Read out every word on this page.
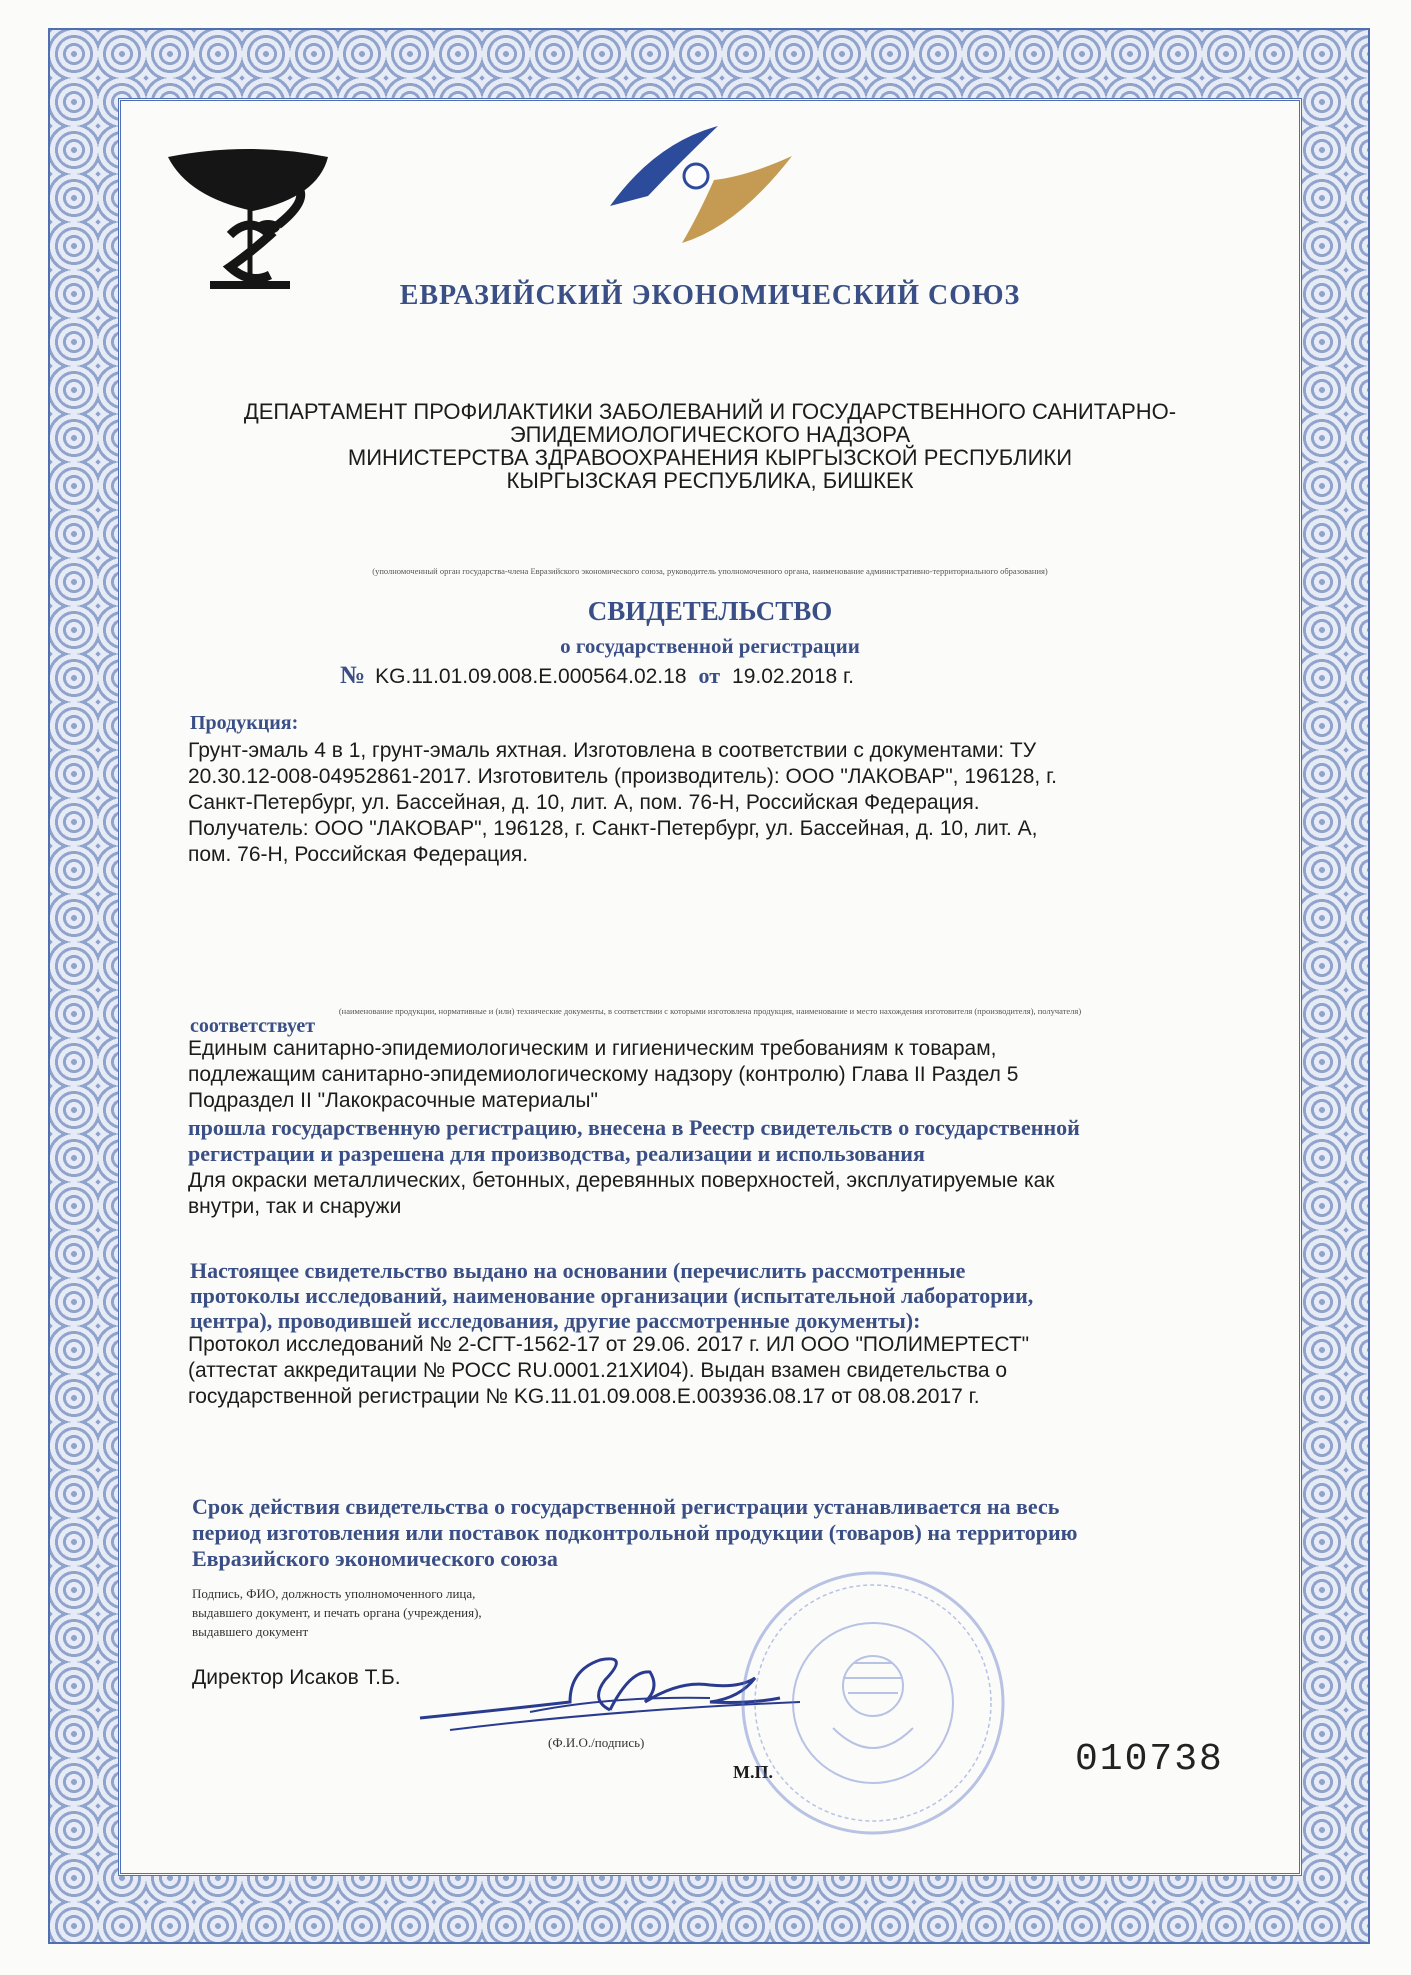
ЕВРАЗИЙСКИЙ ЭКОНОМИЧЕСКИЙ СОЮЗ
ДЕПАРТАМЕНТ ПРОФИЛАКТИКИ ЗАБОЛЕВАНИЙ И ГОСУДАРСТВЕННОГО САНИТАРНО-
ЭПИДЕМИОЛОГИЧЕСКОГО НАДЗОРА
МИНИСТЕРСТВА ЗДРАВООХРАНЕНИЯ КЫРГЫЗСКОЙ РЕСПУБЛИКИ
КЫРГЫЗСКАЯ РЕСПУБЛИКА, БИШКЕК
(уполномоченный орган государства-члена Евразийского экономического союза, руководитель уполномоченного органа, наименование административно-территориального образования)
СВИДЕТЕЛЬСТВО
о государственной регистрации
№ KG.11.01.09.008.Е.000564.02.18 от 19.02.2018 г.
Продукция:

Грунт-эмаль 4 в 1, грунт-эмаль яхтная. Изготовлена в соответствии с документами: ТУ

20.30.12-008-04952861-2017. Изготовитель (производитель): ООО "ЛАКОВАР", 196128, г.

Санкт-Петербург, ул. Бассейная, д. 10, лит. А, пом. 76-Н, Российская Федерация.

Получатель: ООО "ЛАКОВАР", 196128, г. Санкт-Петербург, ул. Бассейная, д. 10, лит. А,

пом. 76-Н, Российская Федерация.

(наименование продукции, нормативные и (или) технические документы, в соответствии с которыми изготовлена продукция, наименование и место нахождения изготовителя (производителя), получателя)
соответствует

Единым санитарно-эпидемиологическим и гигиеническим требованиям к товарам,

подлежащим санитарно-эпидемиологическому надзору (контролю) Глава II Раздел 5

Подраздел II "Лакокрасочные материалы"

прошла государственную регистрацию, внесена в Реестр свидетельств о государственной
регистрации и разрешена для производства, реализации и использования

Для окраски металлических, бетонных, деревянных поверхностей, эксплуатируемые как

внутри, так и снаружи

Настоящее свидетельство выдано на основании (перечислить рассмотренные
протоколы исследований, наименование организации (испытательной лаборатории,
центра), проводившей исследования, другие рассмотренные документы):

Протокол исследований № 2-СГТ-1562-17 от 29.06. 2017 г. ИЛ ООО "ПОЛИМЕРТЕСТ"

(аттестат аккредитации № РОСС RU.0001.21ХИ04). Выдан взамен свидетельства о

государственной регистрации № KG.11.01.09.008.Е.003936.08.17 от 08.08.2017 г.

Срок действия свидетельства о государственной регистрации устанавливается на весь
период изготовления или поставок подконтрольной продукции (товаров) на территорию
Евразийского экономического союза
Подпись, ФИО, должность уполномоченного лица,
выдавшего документ, и печать органа (учреждения),
выдавшего документ
Директор Исаков Т.Б.
(Ф.И.О./подпись)
М.П.	010738
